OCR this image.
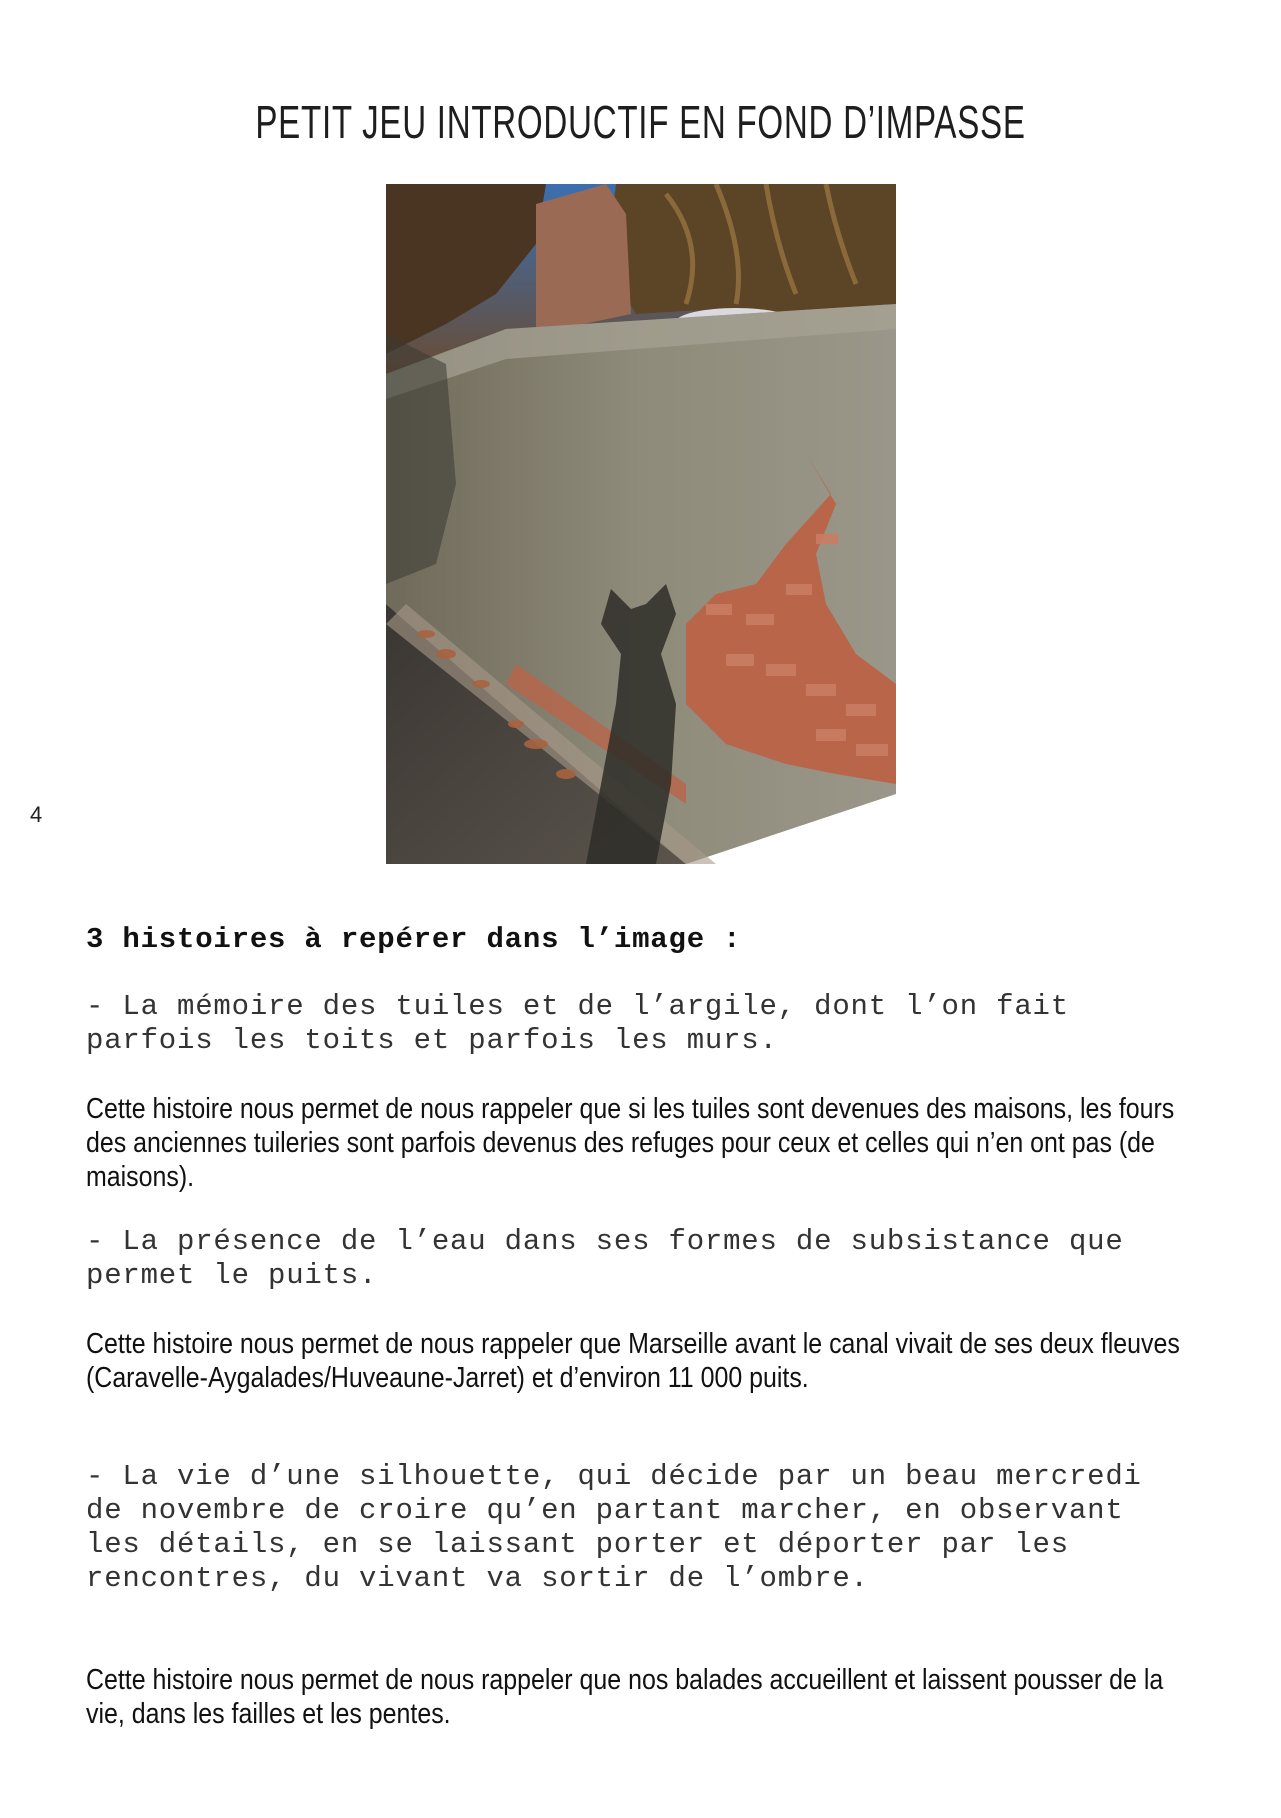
PETIT JEU INTRODUCTIF EN FOND D’IMPASSE
4
3 histoires à repérer dans l’image :

- La mémoire des tuiles et de l’argile, dont l’on fait parfois les toits et parfois les murs.

Cette histoire nous permet de nous rappeler que si les tuiles sont devenues des maisons, les fours des anciennes tuileries sont parfois devenus des refuges pour ceux et celles qui n’en ont pas (de maisons).

- La présence de l’eau dans ses formes de subsistance que permet le puits.

Cette histoire nous permet de nous rappeler que Marseille avant le canal vivait de ses deux fleuves (Caravelle-Aygalades/Huveaune-Jarret) et d’environ 11 000 puits.

- La vie d’une silhouette, qui décide par un beau mercredi de novembre de croire qu’en partant marcher, en observant les détails, en se laissant porter et déporter par les rencontres, du vivant va sortir de l’ombre.

Cette histoire nous permet de nous rappeler que nos balades accueillent et laissent pousser de la vie, dans les failles et les pentes.
